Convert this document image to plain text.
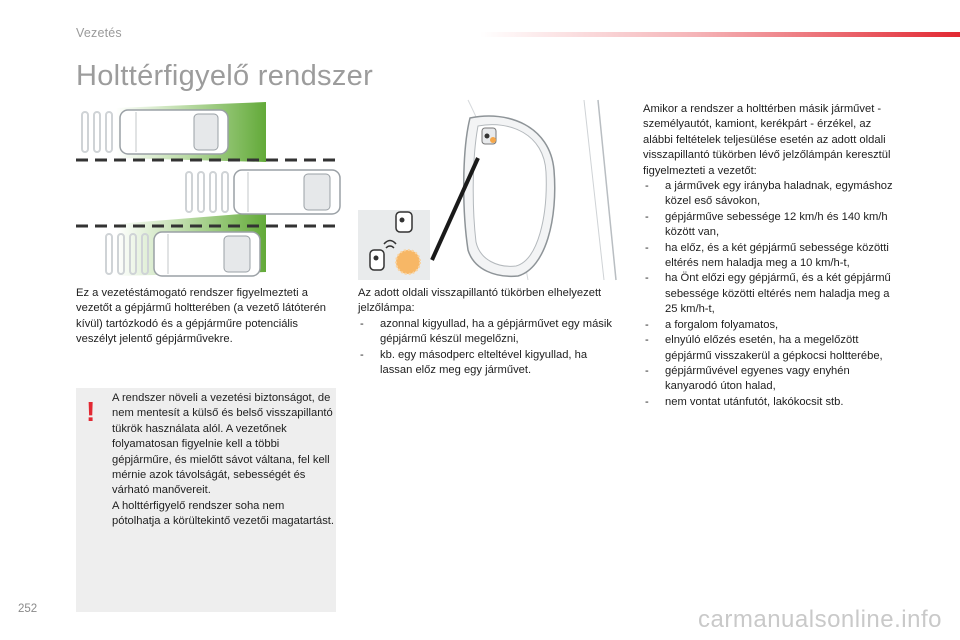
Vezetés
Holttérfigyelő rendszer

Ez a vezetéstámogató rendszer figyelmezteti a vezetőt a gépjármű holtterében (a vezető látóterén kívül) tartózkodó és a gépjárműre potenciális veszélyt jelentő gépjárművekre.

! A rendszer növeli a vezetési biztonságot, de nem mentesít a külső és belső visszapillantó tükrök használata alól. A vezetőnek folyamatosan figyelnie kell a többi gépjárműre, és mielőtt sávot váltana, fel kell mérnie azok távolságát, sebességét és várható manővereit.

A holttérfigyelő rendszer soha nem pótolhatja a körültekintő vezetői magatartást.

Az adott oldali visszapillantó tükörben elhelyezett jelzőlámpa:

- azonnal kigyullad, ha a gépjárművet egy másik gépjármű készül megelőzni,
- kb. egy másodperc elteltével kigyullad, ha lassan előz meg egy járművet.

Amikor a rendszer a holttérben másik járművet - személyautót, kamiont, kerékpárt - érzékel, az alábbi feltételek teljesülése esetén az adott oldali visszapillantó tükörben lévő jelzőlámpán keresztül figyelmezteti a vezetőt:

- a járművek egy irányba haladnak, egymáshoz közel eső sávokon,
- gépjárműve sebessége 12 km/h és 140 km/h között van,
- ha előz, és a két gépjármű sebessége közötti eltérés nem haladja meg a 10 km/h-t,
- ha Önt előzi egy gépjármű, és a két gépjármű sebessége közötti eltérés nem haladja meg a 25 km/h-t,
- a forgalom folyamatos,
- elnyúló előzés esetén, ha a megelőzött gépjármű visszakerül a gépkocsi holtterébe,
- gépjárművével egyenes vagy enyhén kanyarodó úton halad,
- nem vontat utánfutót, lakókocsit stb.
252	carmanualsonline.info
